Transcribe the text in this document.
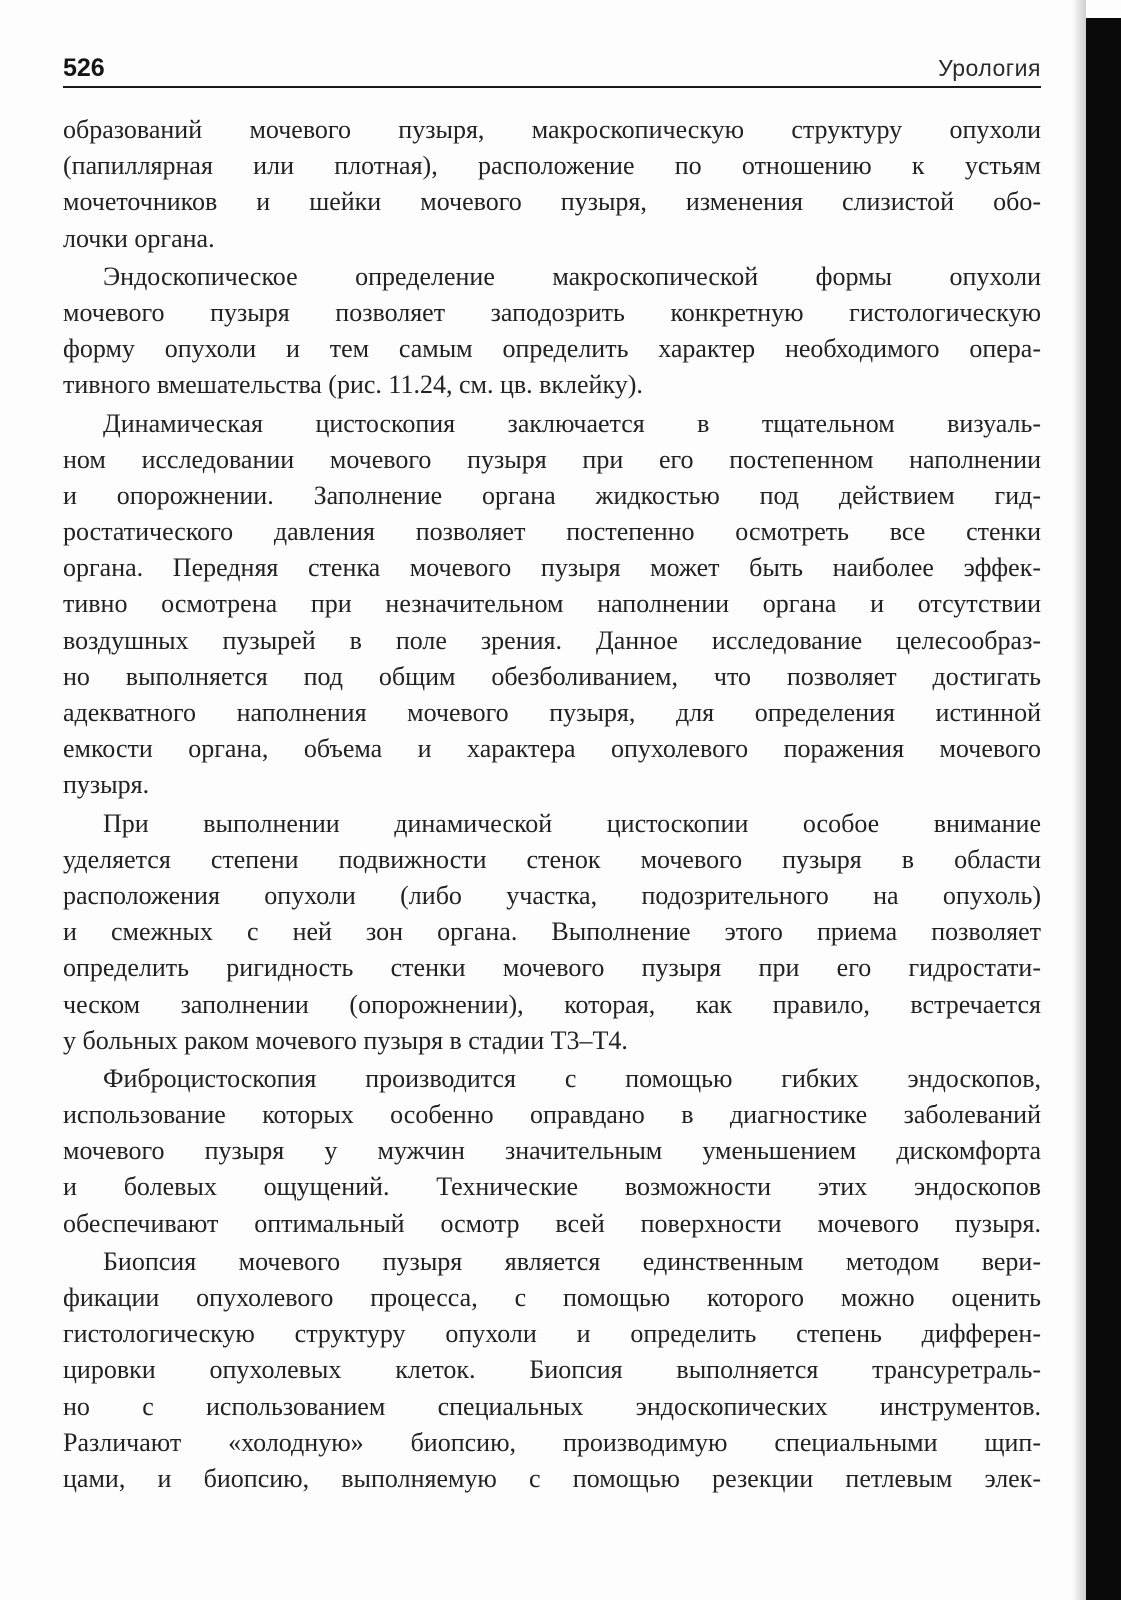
526	Урология
образований мочевого пузыря, макроскопическую структуру опухоли
(папиллярная или плотная), расположение по отношению к устьям
мочеточников и шейки мочевого пузыря, изменения слизистой обо-
лочки органа.
Эндоскопическое определение макроскопической формы опухоли
мочевого пузыря позволяет заподозрить конкретную гистологическую
форму опухоли и тем самым определить характер необходимого опера-
тивного вмешательства (рис. 11.24, см. цв. вклейку).
Динамическая цистоскопия заключается в тщательном визуаль-
ном исследовании мочевого пузыря при его постепенном наполнении
и опорожнении. Заполнение органа жидкостью под действием гид-
ростатического давления позволяет постепенно осмотреть все стенки
органа. Передняя стенка мочевого пузыря может быть наиболее эффек-
тивно осмотрена при незначительном наполнении органа и отсутствии
воздушных пузырей в поле зрения. Данное исследование целесообраз-
но выполняется под общим обезболиванием, что позволяет достигать
адекватного наполнения мочевого пузыря, для определения истинной
емкости органа, объема и характера опухолевого поражения мочевого
пузыря.
При выполнении динамической цистоскопии особое внимание
уделяется степени подвижности стенок мочевого пузыря в области
расположения опухоли (либо участка, подозрительного на опухоль)
и смежных с ней зон органа. Выполнение этого приема позволяет
определить ригидность стенки мочевого пузыря при его гидростати-
ческом заполнении (опорожнении), которая, как правило, встречается
у больных раком мочевого пузыря в стадии Т3–Т4.
Фиброцистоскопия производится с помощью гибких эндоскопов,
использование которых особенно оправдано в диагностике заболеваний
мочевого пузыря у мужчин значительным уменьшением дискомфорта
и болевых ощущений. Технические возможности этих эндоскопов
обеспечивают оптимальный осмотр всей поверхности мочевого пузыря.
Биопсия мочевого пузыря является единственным методом вери-
фикации опухолевого процесса, с помощью которого можно оценить
гистологическую структуру опухоли и определить степень дифферен-
цировки опухолевых клеток. Биопсия выполняется трансуретраль-
но с использованием специальных эндоскопических инструментов.
Различают «холодную» биопсию, производимую специальными щип-
цами, и биопсию, выполняемую с помощью резекции петлевым элек-
